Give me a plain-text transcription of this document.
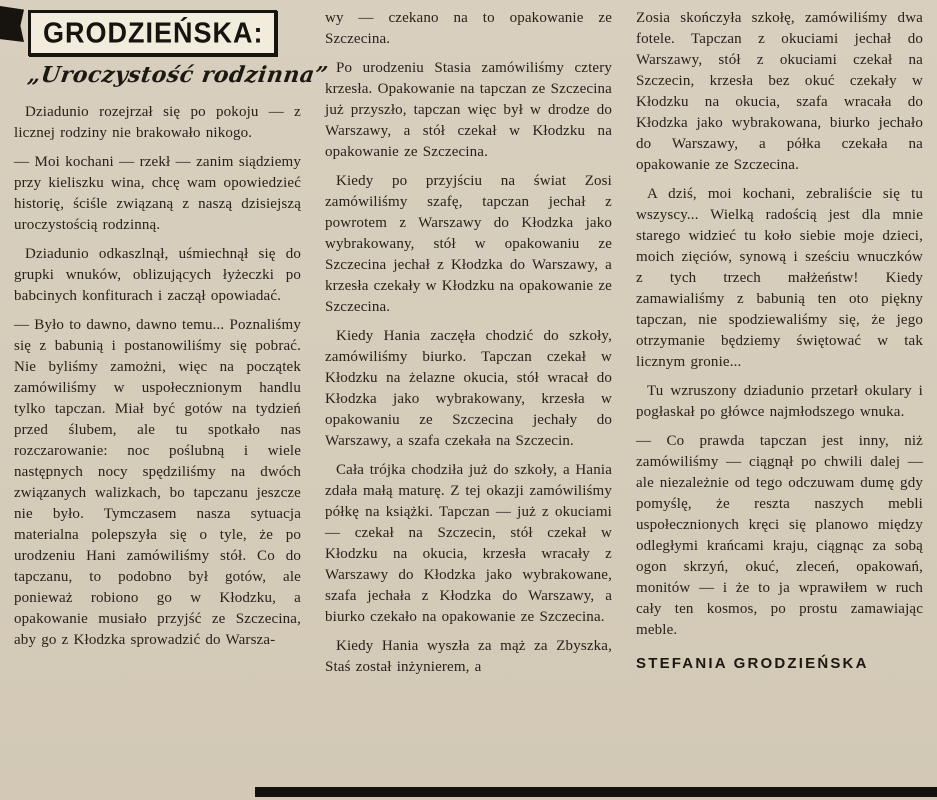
GRODZIEŃSKA:
„Uroczystość rodzinna”

Dziadunio rozejrzał się po pokoju — z licznej rodziny nie brakowało nikogo.

— Moi kochani — rzekł — zanim siądziemy przy kieliszku wina, chcę wam opowiedzieć historię, ściśle związaną z naszą dzisiejszą uroczystością rodzinną.

Dziadunio odkaszlnął, uśmiechnął się do grupki wnuków, oblizujących łyżeczki po babcinych konfiturach i zaczął opowiadać.

— Było to dawno, dawno temu... Poznaliśmy się z babunią i postanowiliśmy się pobrać. Nie byliśmy zamożni, więc na początek zamówiliśmy w uspołecznionym handlu tylko tapczan. Miał być gotów na tydzień przed ślubem, ale tu spotkało nas rozczarowanie: noc poślubną i wiele następnych nocy spędziliśmy na dwóch związanych walizkach, bo tapczanu jeszcze nie było. Tymczasem nasza sytuacja materialna polepszyła się o tyle, że po urodzeniu Hani zamówiliśmy stół. Co do tapczanu, to podobno był gotów, ale ponieważ robiono go w Kłodzku, a opakowanie musiało przyjść ze Szczecina, aby go z Kłodzka sprowadzić do Warsza-

wy — czekano na to opakowanie ze Szczecina.

Po urodzeniu Stasia zamówiliśmy cztery krzesła. Opakowanie na tapczan ze Szczecina już przyszło, tapczan więc był w drodze do Warszawy, a stół czekał w Kłodzku na opakowanie ze Szczecina.

Kiedy po przyjściu na świat Zosi zamówiliśmy szafę, tapczan jechał z powrotem z Warszawy do Kłodzka jako wybrakowany, stół w opakowaniu ze Szczecina jechał z Kłodzka do Warszawy, a krzesła czekały w Kłodzku na opakowanie ze Szczecina.

Kiedy Hania zaczęła chodzić do szkoły, zamówiliśmy biurko. Tapczan czekał w Kłodzku na żelazne okucia, stół wracał do Kłodzka jako wybrakowany, krzesła w opakowaniu ze Szczecina jechały do Warszawy, a szafa czekała na Szczecin.

Cała trójka chodziła już do szkoły, a Hania zdała małą maturę. Z tej okazji zamówiliśmy półkę na książki. Tapczan — już z okuciami — czekał na Szczecin, stół czekał w Kłodzku na okucia, krzesła wracały z Warszawy do Kłodzka jako wybrakowane, szafa jechała z Kłodzka do Warszawy, a biurko czekało na opakowanie ze Szczecina.

Kiedy Hania wyszła za mąż za Zbyszka, Staś został inżynierem, a

Zosia skończyła szkołę, zamówiliśmy dwa fotele. Tapczan z okuciami jechał do Warszawy, stół z okuciami czekał na Szczecin, krzesła bez okuć czekały w Kłodzku na okucia, szafa wracała do Kłodzka jako wybrakowana, biurko jechało do Warszawy, a półka czekała na opakowanie ze Szczecina.

A dziś, moi kochani, zebraliście się tu wszyscy... Wielką radością jest dla mnie starego widzieć tu koło siebie moje dzieci, moich zięciów, synową i sześciu wnuczków z tych trzech małżeństw! Kiedy zamawialiśmy z babunią ten oto piękny tapczan, nie spodziewaliśmy się, że jego otrzymanie będziemy świętować w tak licznym gronie...

Tu wzruszony dziadunio przetarł okulary i pogłaskał po główce najmłodszego wnuka.

— Co prawda tapczan jest inny, niż zamówiliśmy — ciągnął po chwili dalej — ale niezależnie od tego odczuwam dumę gdy pomyślę, że reszta naszych mebli uspołecznionych kręci się planowo między odległymi krańcami kraju, ciągnąc za sobą ogon skrzyń, okuć, zleceń, opakowań, monitów — i że to ja wprawiłem w ruch cały ten kosmos, po prostu zamawiając meble.

STEFANIA GRODZIEŃSKA
